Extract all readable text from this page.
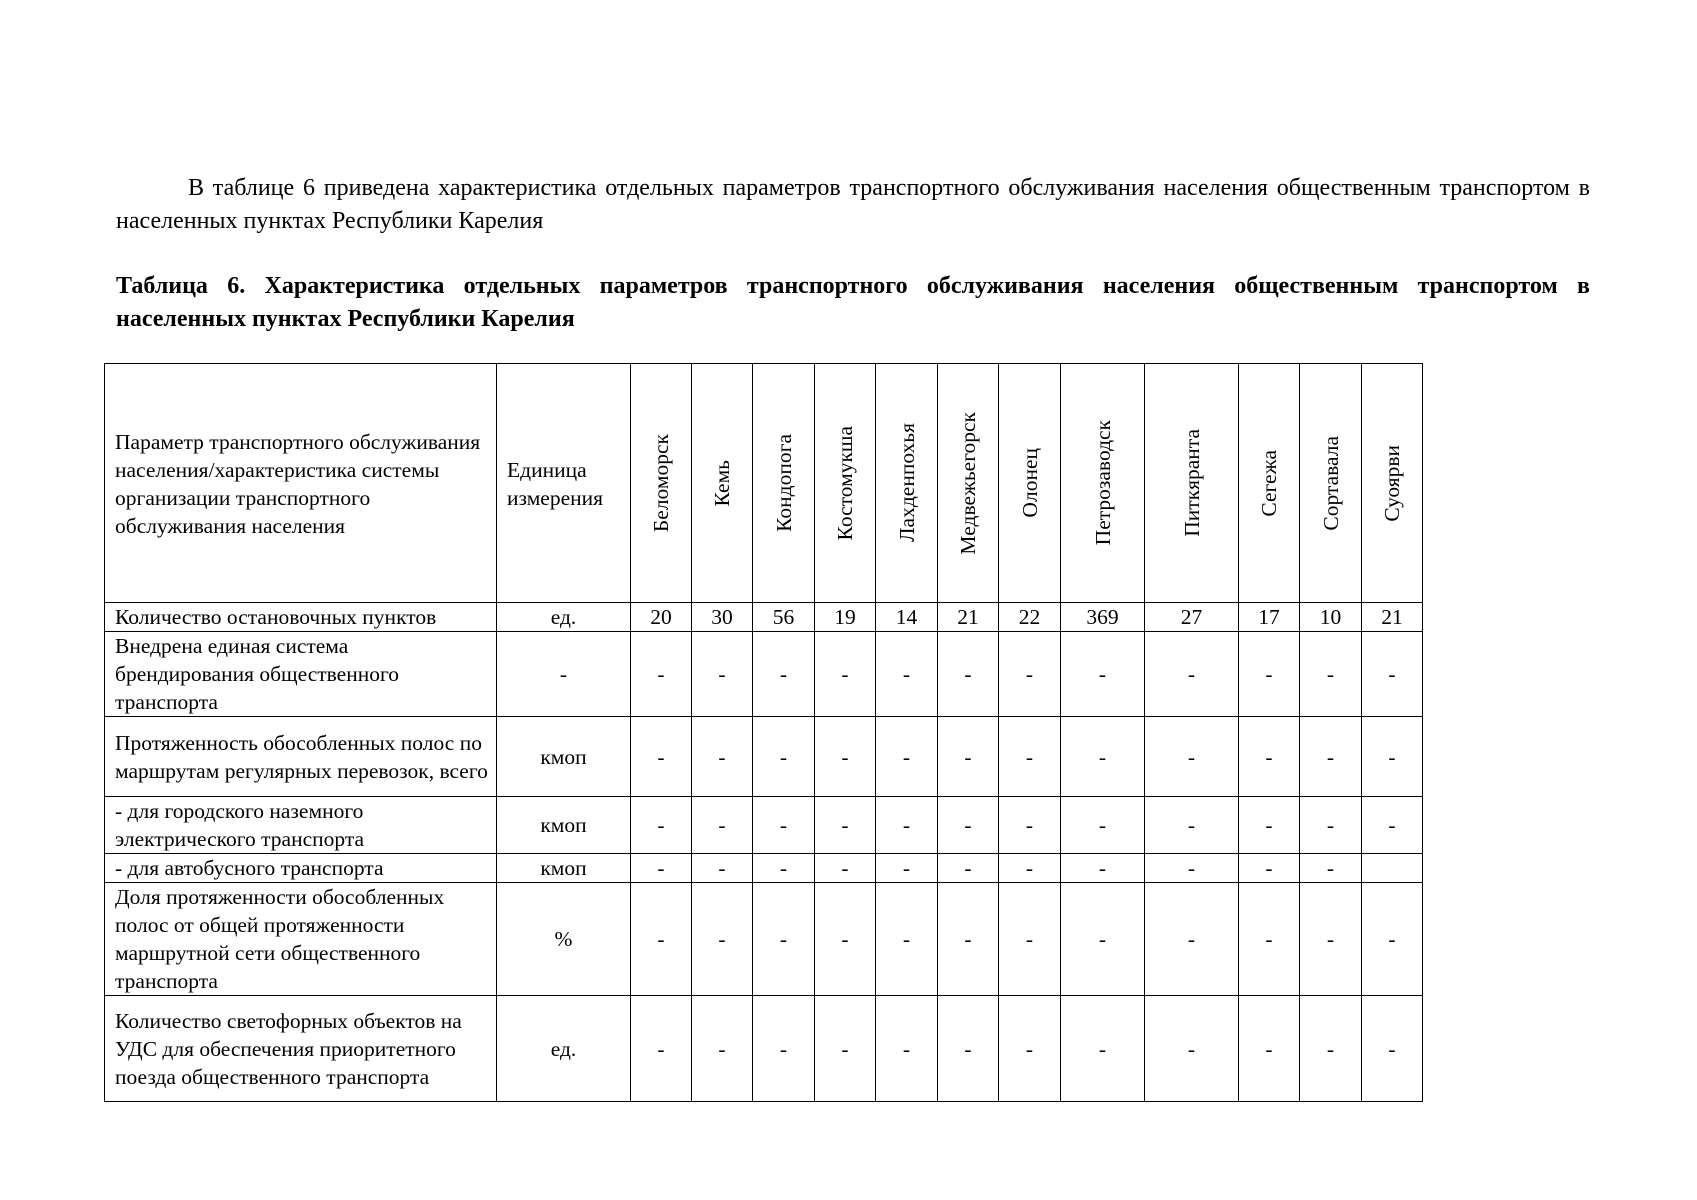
В таблице 6 приведена характеристика отдельных параметров транспортного обслуживания населения общественным транспортом в населенных пунктах Республики Карелия

Таблица 6. Характеристика отдельных параметров транспортного обслуживания населения общественным транспортом в населенных пунктах Республики Карелия

Параметр транспортного обслуживания населения/характеристика системы организации транспортного обслуживания населения	Единица измерения	Беломорск	Кемь	Кондопога	Костомукша	Лахденпохья	Медвежьегорск	Олонец	Петрозаводск	Питкяранта	Сегежа	Сортавала	Суоярви

Количество остановочных пунктов	ед.	20	30	56	19	14	21	22	369	27	17	10	21
Внедрена единая система брендирования общественного транспорта	-	-	-	-	-	-	-	-	-	-	-	-	-
Протяженность обособленных полос по маршрутам регулярных перевозок, всего	кмоп	-	-	-	-	-	-	-	-	-	-	-	-
- для городского наземного электрического транспорта	кмоп	-	-	-	-	-	-	-	-	-	-	-	-
- для автобусного транспорта	кмоп	-	-	-	-	-	-	-	-	-	-	-	
Доля протяженности обособленных полос от общей протяженности маршрутной сети общественного транспорта	%	-	-	-	-	-	-	-	-	-	-	-	-
Количество светофорных объектов на УДС для обеспечения приоритетного поезда общественного транспорта	ед.	-	-	-	-	-	-	-	-	-	-	-	-
